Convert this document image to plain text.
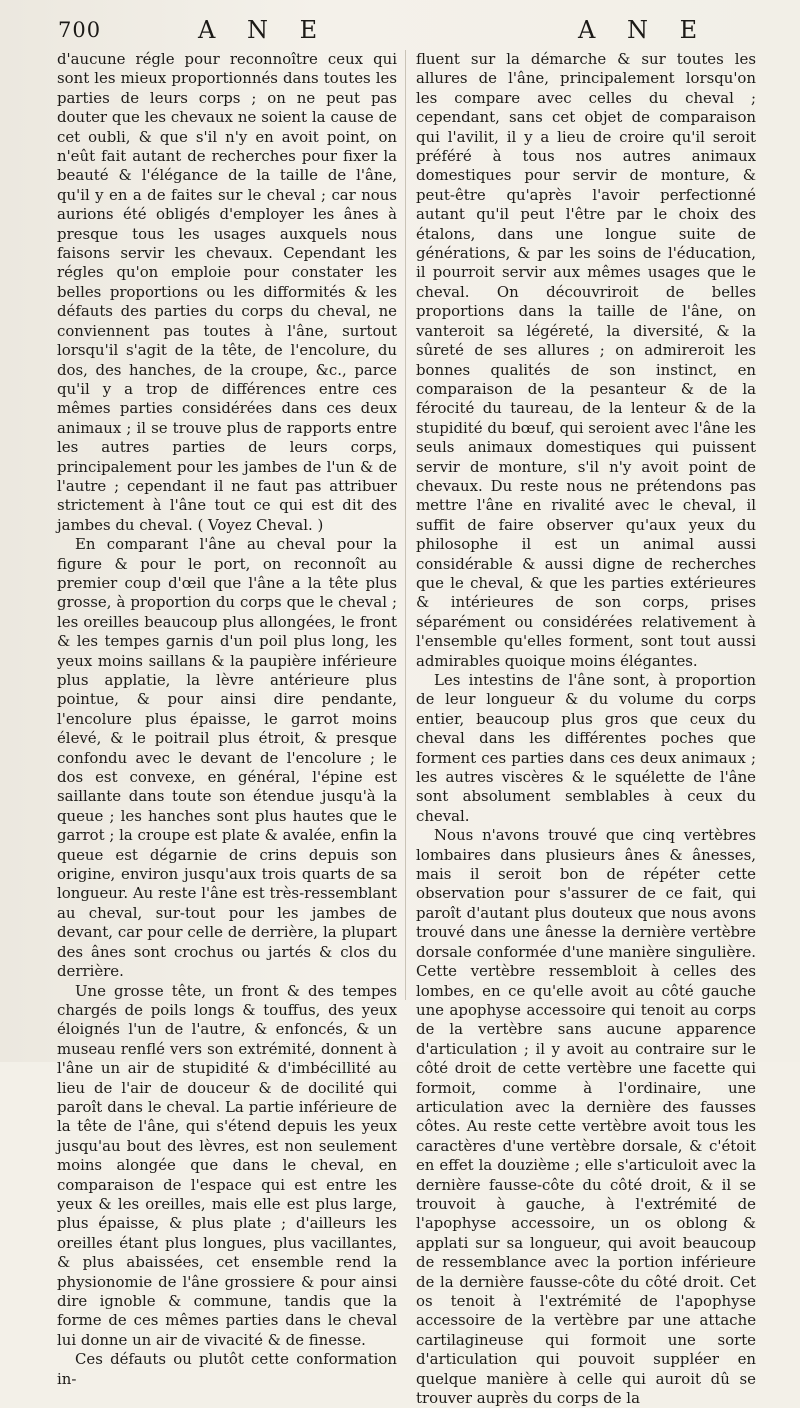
700	A N E	A N E

d'aucune régle pour reconnoître ceux qui sont les mieux proportionnés dans toutes les parties de leurs corps ; on ne peut pas douter que les chevaux ne soient la cause de cet oubli, & que s'il n'y en avoit point, on n'eût fait autant de recherches pour fixer la beauté & l'élégance de la taille de l'âne, qu'il y en a de faites sur le cheval ; car nous aurions été obligés d'employer les ânes à presque tous les usages auxquels nous faisons servir les chevaux. Cependant les régles qu'on emploie pour constater les belles proportions ou les difformités & les défauts des parties du corps du cheval, ne conviennent pas toutes à l'âne, surtout lorsqu'il s'agit de la tête, de l'encolure, du dos, des hanches, de la croupe, &c., parce qu'il y a trop de différences entre ces mêmes parties considérées dans ces deux animaux ; il se trouve plus de rapports entre les autres parties de leurs corps, principalement pour les jambes de l'un & de l'autre ; cependant il ne faut pas attribuer strictement à l'âne tout ce qui est dit des jambes du cheval. ( Voyez Cheval. )

En comparant l'âne au cheval pour la figure & pour le port, on reconnoît au premier coup d'œil que l'âne a la tête plus grosse, à proportion du corps que le cheval ; les oreilles beaucoup plus allongées, le front & les tempes garnis d'un poil plus long, les yeux moins saillans & la paupière inférieure plus applatie, la lèvre antérieure plus pointue, & pour ainsi dire pendante, l'encolure plus épaisse, le garrot moins élevé, & le poitrail plus étroit, & presque confondu avec le devant de l'encolure ; le dos est convexe, en général, l'épine est saillante dans toute son étendue jusqu'à la queue ; les hanches sont plus hautes que le garrot ; la croupe est plate & avalée, enfin la queue est dégarnie de crins depuis son origine, environ jusqu'aux trois quarts de sa longueur. Au reste l'âne est très-ressemblant au cheval, sur-tout pour les jambes de devant, car pour celle de derrière, la plupart des ânes sont crochus ou jartés & clos du derrière.

Une grosse tête, un front & des tempes chargés de poils longs & touffus, des yeux éloignés l'un de l'autre, & enfoncés, & un museau renflé vers son extrémité, donnent à l'âne un air de stupidité & d'imbécillité au lieu de l'air de douceur & de docilité qui paroît dans le cheval. La partie inférieure de la tête de l'âne, qui s'étend depuis les yeux jusqu'au bout des lèvres, est non seulement moins alongée que dans le cheval, en comparaison de l'espace qui est entre les yeux & les oreilles, mais elle est plus large, plus épaisse, & plus plate ; d'ailleurs les oreilles étant plus longues, plus vacillantes, & plus abaissées, cet ensemble rend la physionomie de l'âne grossiere & pour ainsi dire ignoble & commune, tandis que la forme de ces mêmes parties dans le cheval lui donne un air de vivacité & de finesse.

Ces défauts ou plutôt cette conformation in-

fluent sur la démarche & sur toutes les allures de l'âne, principalement lorsqu'on les compare avec celles du cheval ; cependant, sans cet objet de comparaison qui l'avilit, il y a lieu de croire qu'il seroit préféré à tous nos autres animaux domestiques pour servir de monture, & peut-être qu'après l'avoir perfectionné autant qu'il peut l'être par le choix des étalons, dans une longue suite de générations, & par les soins de l'éducation, il pourroit servir aux mêmes usages que le cheval. On découvriroit de belles proportions dans la taille de l'âne, on vanteroit sa légéreté, la diversité, & la sûreté de ses allures ; on admireroit les bonnes qualités de son instinct, en comparaison de la pesanteur & de la férocité du taureau, de la lenteur & de la stupidité du bœuf, qui seroient avec l'âne les seuls animaux domestiques qui puissent servir de monture, s'il n'y avoit point de chevaux. Du reste nous ne prétendons pas mettre l'âne en rivalité avec le cheval, il suffit de faire observer qu'aux yeux du philosophe il est un animal aussi considérable & aussi digne de recherches que le cheval, & que les parties extérieures & intérieures de son corps, prises séparément ou considérées relativement à l'ensemble qu'elles forment, sont tout aussi admirables quoique moins élégantes.

Les intestins de l'âne sont, à proportion de leur longueur & du volume du corps entier, beaucoup plus gros que ceux du cheval dans les différentes poches que forment ces parties dans ces deux animaux ; les autres viscères & le squélette de l'âne sont absolument semblables à ceux du cheval.

Nous n'avons trouvé que cinq vertèbres lombaires dans plusieurs ânes & ânesses, mais il seroit bon de répéter cette observation pour s'assurer de ce fait, qui paroît d'autant plus douteux que nous avons trouvé dans une ânesse la dernière vertèbre dorsale conformée d'une manière singulière. Cette vertèbre ressembloit à celles des lombes, en ce qu'elle avoit au côté gauche une apophyse accessoire qui tenoit au corps de la vertèbre sans aucune apparence d'articulation ; il y avoit au contraire sur le côté droit de cette vertèbre une facette qui formoit, comme à l'ordinaire, une articulation avec la dernière des fausses côtes. Au reste cette vertèbre avoit tous les caractères d'une vertèbre dorsale, & c'étoit en effet la douzième ; elle s'articuloit avec la dernière fausse-côte du côté droit, & il se trouvoit à gauche, à l'extrémité de l'apophyse accessoire, un os oblong & applati sur sa longueur, qui avoit beaucoup de ressemblance avec la portion inférieure de la dernière fausse-côte du côté droit. Cet os tenoit à l'extrémité de l'apophyse accessoire de la vertèbre par une attache cartilagineuse qui formoit une sorte d'articulation qui pouvoit suppléer en quelque manière à celle qui auroit dû se trouver auprès du corps de la
